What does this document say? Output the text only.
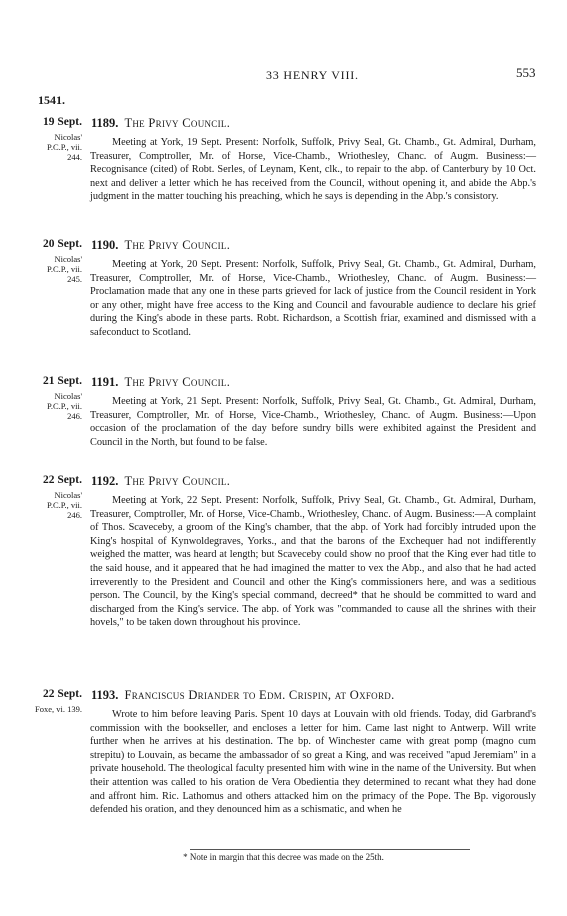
33 HENRY VIII.	553
1541.
19 Sept.
Nicolas'
P.C.P., vii.
244.
1189. The Privy Council.

Meeting at York, 19 Sept. Present: Norfolk, Suffolk, Privy Seal, Gt. Chamb., Gt. Admiral, Durham, Treasurer, Comptroller, Mr. of Horse, Vice-Chamb., Wriothesley, Chanc. of Augm. Business:—Recognisance (cited) of Robt. Serles, of Leynam, Kent, clk., to repair to the abp. of Canterbury by 10 Oct. next and deliver a letter which he has received from the Council, without opening it, and abide the Abp.'s judgment in the matter touching his preaching, which he says is depending in the Abp.'s consistory.

20 Sept.
Nicolas'
P.C.P., vii.
245.
1190. The Privy Council.

Meeting at York, 20 Sept. Present: Norfolk, Suffolk, Privy Seal, Gt. Chamb., Gt. Admiral, Durham, Treasurer, Comptroller, Mr. of Horse, Vice-Chamb., Wriothesley, Chanc. of Augm. Business:— Proclamation made that any one in these parts grieved for lack of justice from the Council resident in York or any other, might have free access to the King and Council and favourable audience to declare his grief during the King's abode in these parts. Robt. Richardson, a Scottish friar, examined and dismissed with a safeconduct to Scotland.

21 Sept.
Nicolas'
P.C.P., vii.
246.
1191. The Privy Council.

Meeting at York, 21 Sept. Present: Norfolk, Suffolk, Privy Seal, Gt. Chamb., Gt. Admiral, Durham, Treasurer, Comptroller, Mr. of Horse, Vice-Chamb., Wriothesley, Chanc. of Augm. Business:—Upon occasion of the proclamation of the day before sundry bills were exhibited against the President and Council in the North, but found to be false.

22 Sept.
Nicolas'
P.C.P., vii.
246.
1192. The Privy Council.

Meeting at York, 22 Sept. Present: Norfolk, Suffolk, Privy Seal, Gt. Chamb., Gt. Admiral, Durham, Treasurer, Comptroller, Mr. of Horse, Vice-Chamb., Wriothesley, Chanc. of Augm. Business:—A complaint of Thos. Scaveceby, a groom of the King's chamber, that the abp. of York had forcibly intruded upon the King's hospital of Kynwoldegraves, Yorks., and that the barons of the Exchequer had not indifferently weighed the matter, was heard at length; but Scaveceby could show no proof that the King ever had title to the said house, and it appeared that he had imagined the matter to vex the Abp., and also that he had acted irreverently to the President and Council and other the King's commissioners here, and was a seditious person. The Council, by the King's special command, decreed* that he should be committed to ward and discharged from the King's service. The abp. of York was "commanded to cause all the shrines with their hovels," to be taken down throughout his province.

22 Sept.
Foxe, vi. 139.
1193. Franciscus Driander to Edm. Crispin, at Oxford.

Wrote to him before leaving Paris. Spent 10 days at Louvain with old friends. Today, did Garbrand's commission with the bookseller, and encloses a letter for him. Came last night to Antwerp. Will write further when he arrives at his destination. The bp. of Winchester came with great pomp (magno cum strepitu) to Louvain, as became the ambassador of so great a King, and was received "apud Jeremiam" in a private household. The theological faculty presented him with wine in the name of the University. But when their attention was called to his oration de Vera Obedientia they determined to recant what they had done and affront him. Ric. Lathomus and others attacked him on the primacy of the Pope. The Bp. vigorously defended his oration, and they denounced him as a schismatic, and when he

* Note in margin that this decree was made on the 25th.
